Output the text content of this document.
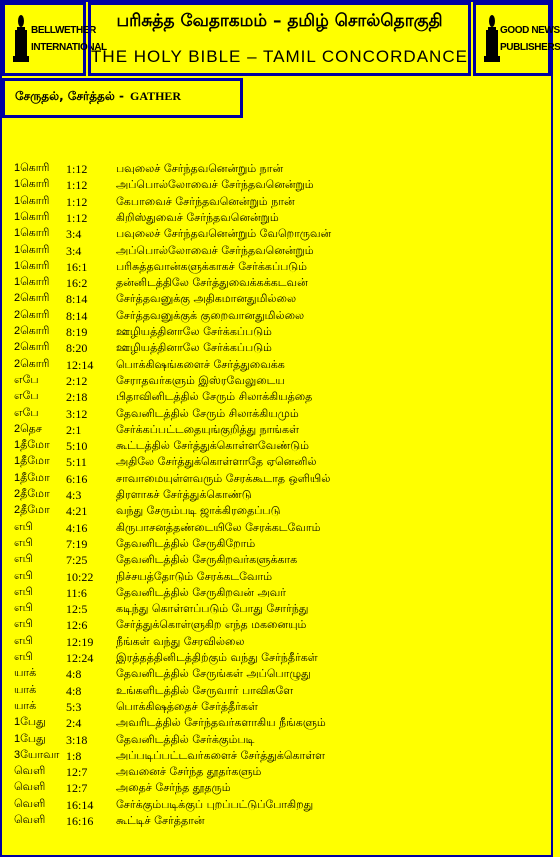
BELLWETHER
INTERNATIONAL
பரிசுத்த வேதாகமம் – தமிழ் சொல்தொகுதி
THE HOLY BIBLE – TAMIL CONCORDANCE
GOOD NEWS
PUBLISHERS
சேருதல், சேர்த்தல் - GATHER
1கொரி 1:12	பவுலைச் சேர்ந்தவனென்றும் நான்
1கொரி 1:12	அப்பொல்லோவைச் சேர்ந்தவனென்றும்
1கொரி 1:12	கேபாவைச் சேர்ந்தவனென்றும் நான்
1கொரி 1:12	கிறிஸ்துவைச் சேர்ந்தவனென்றும்
1கொரி 3:4	பவுலைச் சேர்ந்தவனென்றும் வேறொருவன்
1கொரி 3:4	அப்பொல்லோவைச் சேர்ந்தவனென்றும்
1கொரி 16:1	பரிசுத்தவான்களுக்காகச் சேர்க்கப்படும்
1கொரி 16:2	தன்னிடத்திலே சேர்த்துவைக்கக்கடவன்
2கொரி 8:14	சேர்த்தவனுக்கு அதிகமானதுமில்லை
2கொரி 8:14	சேர்த்தவனுக்குக் குறைவானதுமில்லை
2கொரி 8:19	ஊழியத்தினாலே சேர்க்கப்படும்
2கொரி 8:20	ஊழியத்தினாலே சேர்க்கப்படும்
2கொரி 12:14 பொக்கிஷங்களைச் சேர்த்துவைக்க
எபே 2:12	சேராதவர்களும் இஸ்ரவேலுடைய
எபே 2:18	பிதாவினிடத்தில் சேரும் சிலாக்கியத்தை
எபே 3:12	தேவனிடத்தில் சேரும் சிலாக்கியமும்
2தெச 2:1	சேர்க்கப்பட்டதையுங்குறித்து நாங்கள்
1தீமோ 5:10	கூட்டத்தில் சேர்த்துக்கொள்ளவேண்டும்
1தீமோ 5:11	அதிலே சேர்த்துக்கொள்ளாதே ஏனெனில்
1தீமோ 6:16	சாவாமையுள்ளவரும் சேரக்கூடாத ஒளியில்
2தீமோ 4:3	திரளாகச் சேர்த்துக்கொண்டு
2தீமோ 4:21	வந்து சேரும்படி ஜாக்கிரதைப்படு
எபி	4:16	கிருபாசனத்தண்டையிலே சேரக்கடவோம்
எபி	7:19	தேவனிடத்தில் சேருகிறோம்
எபி	7:25	தேவனிடத்தில் சேருகிறவர்களுக்காக
எபி	10:22 நிச்சயத்தோடும் சேரக்கடவோம்
எபி	11:6	தேவனிடத்தில் சேருகிறவன் அவர்
எபி	12:5	கடிந்து கொள்ளப்படும் போது சோர்ந்து
எபி	12:6	சேர்த்துக்கொள்ளுகிற எந்த மகனையும்
எபி	12:19 நீங்கள் வந்து சேரவில்லை
எபி	12:24 இரத்தத்தினிடத்திற்கும் வந்து சேர்ந்தீர்கள்
யாக் 4:8	தேவனிடத்தில் சேருங்கள் அப்பொழுது
யாக் 4:8	உங்களிடத்தில் சேருவார் பாவிகளே
யாக் 5:3	பொக்கிஷத்தைச் சேர்த்தீர்கள்
1பேது 2:4	அவரிடத்தில் சேர்ந்தவர்களாகிய நீங்களும்
1பேது 3:18	தேவனிடத்தில் சேர்க்கும்படி
3யோவா 1:8	அப்படிப்பட்டவர்களைச் சேர்த்துக்கொள்ள
வெளி 12:7	அவனைச் சேர்ந்த தூதர்களும்
வெளி 12:7	அதைச் சேர்ந்த தூதரும்
வெளி 16:14 சேர்க்கும்படிக்குப் புறப்பட்டுப்போகிறது
வெளி 16:16 கூட்டிச் சேர்த்தான்
